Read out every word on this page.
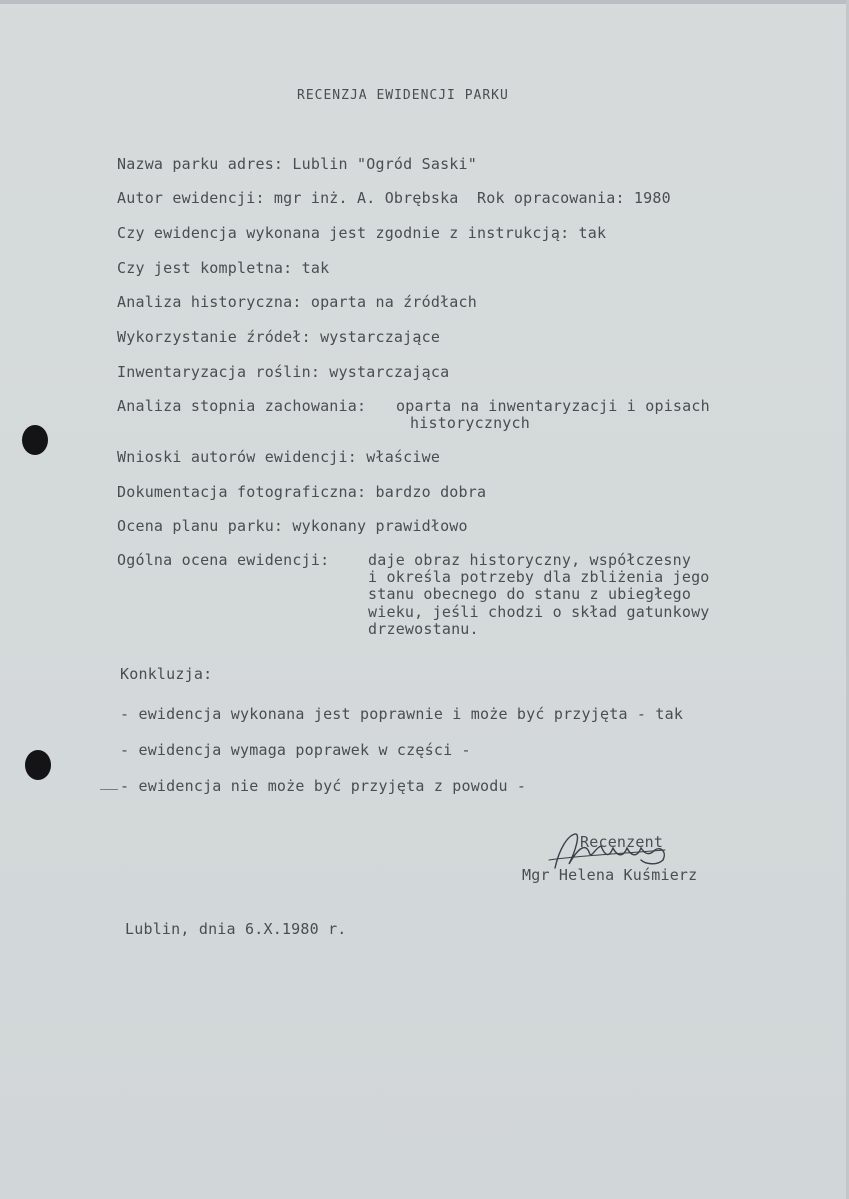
RECENZJA EWIDENCJI PARKU
Nazwa parku adres: Lublin "Ogród Saski"
Autor ewidencji: mgr inż. A. Obrębska  Rok opracowania: 1980
Czy ewidencja wykonana jest zgodnie z instrukcją: tak
Czy jest kompletna: tak
Analiza historyczna: oparta na źródłach
Wykorzystanie źródeł: wystarczające
Inwentaryzacja roślin: wystarczająca
Analiza stopnia zachowania: oparta na inwentaryzacji i opisach
historycznych
Wnioski autorów ewidencji: właściwe
Dokumentacja fotograficzna: bardzo dobra
Ocena planu parku: wykonany prawidłowo
Ogólna ocena ewidencji:	daje obraz historyczny, współczesny
i określa potrzeby dla zbliżenia jego
stanu obecnego do stanu z ubiegłego
wieku, jeśli chodzi o skład gatunkowy
drzewostanu.
Konkluzja:
- ewidencja wykonana jest poprawnie i może być przyjęta - tak
- ewidencja wymaga poprawek w części -
- ewidencja nie może być przyjęta z powodu -
Recenzent
Mgr Helena Kuśmierz
Lublin, dnia 6.X.1980 r.
